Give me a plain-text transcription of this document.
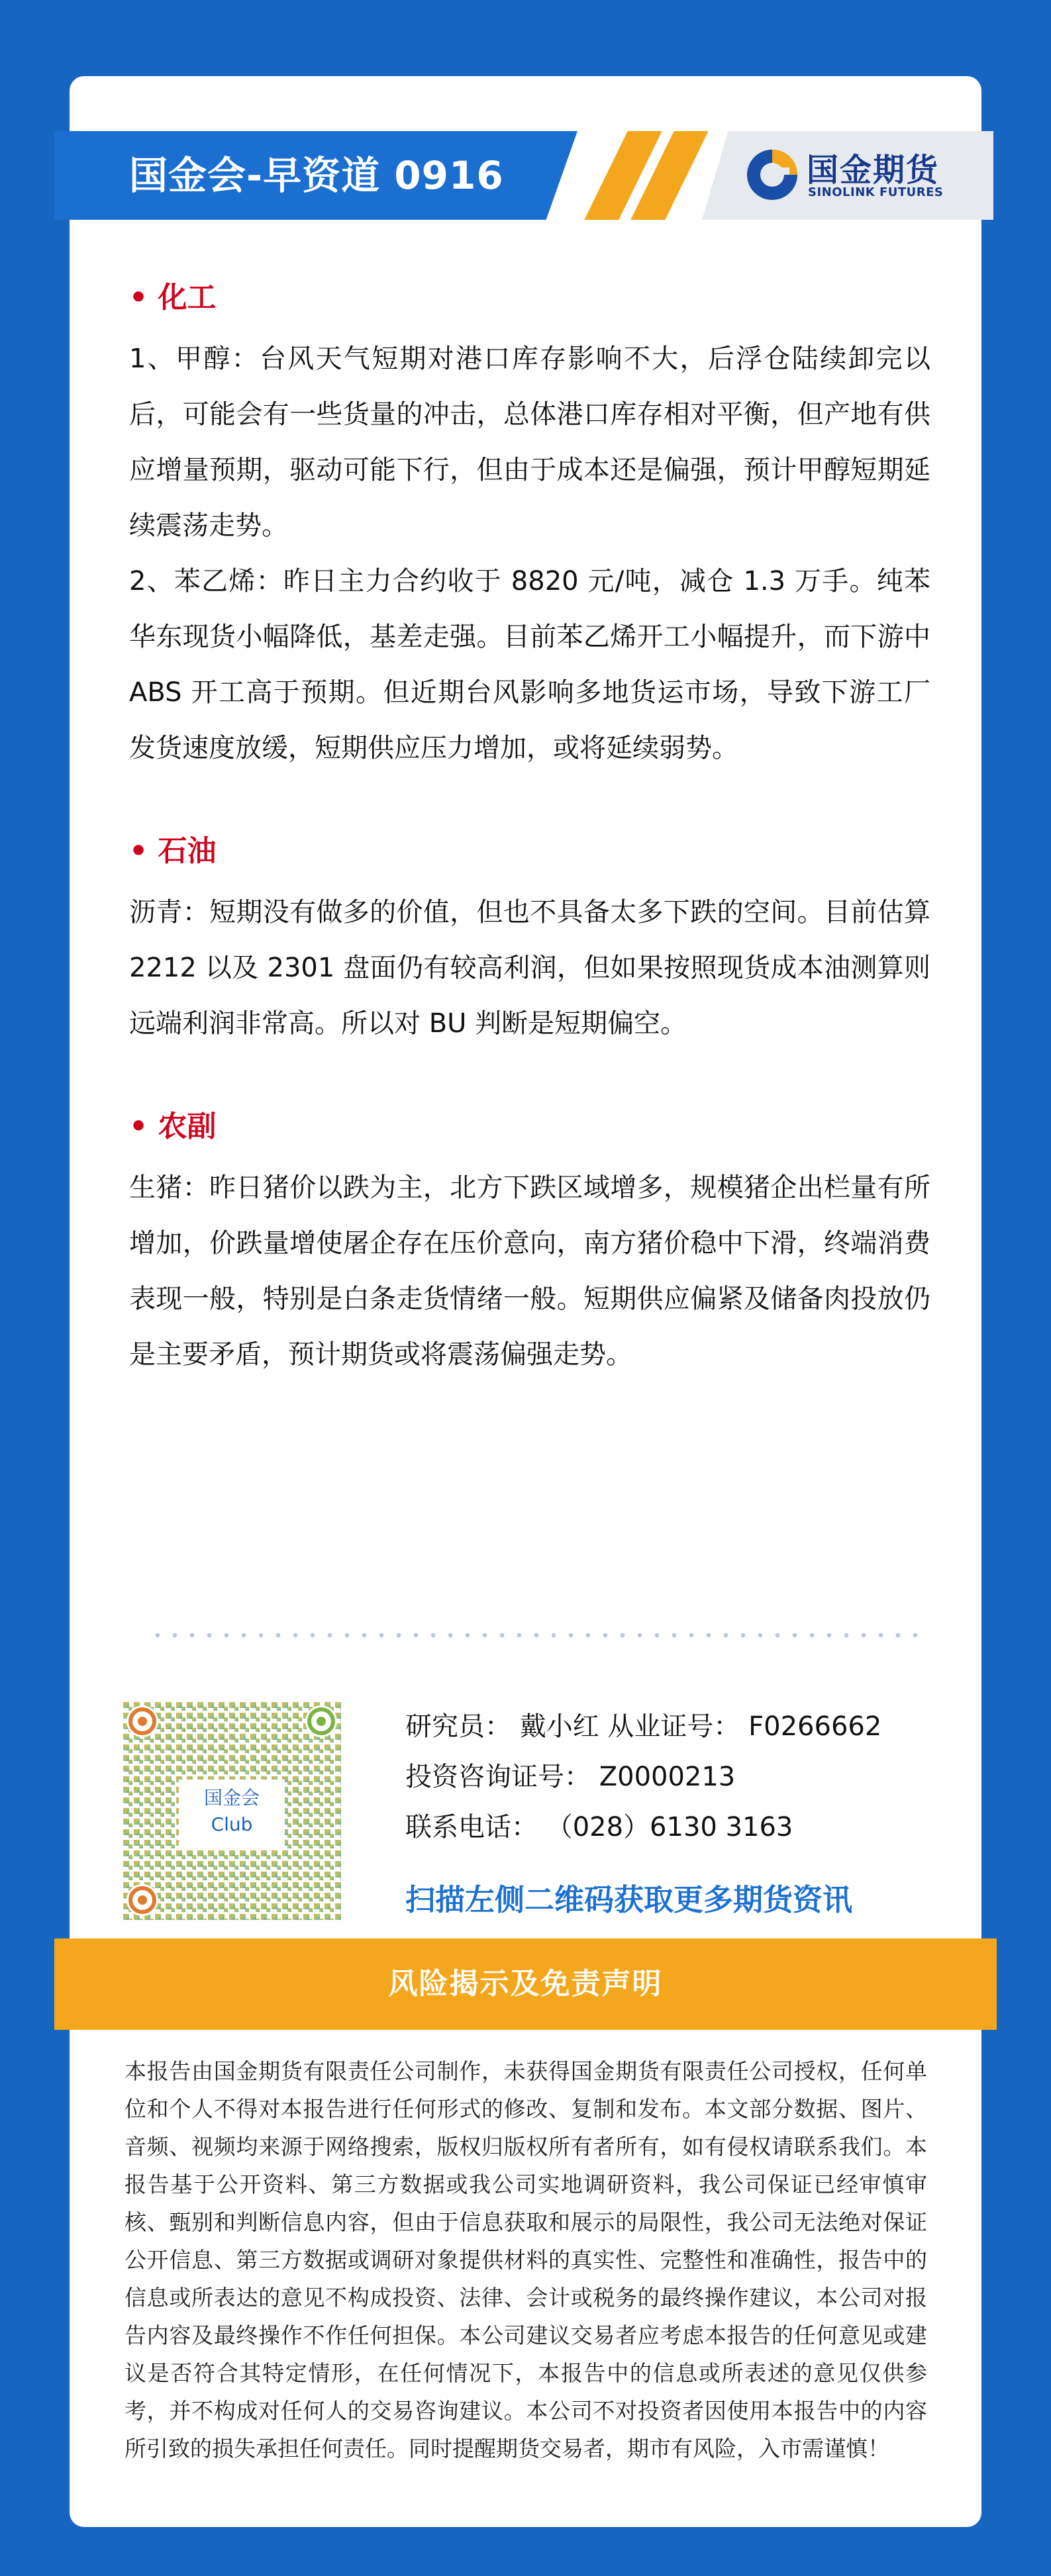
国金会-早资道 0916	国金期货
SINOLINK FUTURES
• 化工

1、甲醇：台风天气短期对港口库存影响不大，后浮仓陆续卸完以后，可能会有一些货量的冲击，总体港口库存相对平衡，但产地有供应增量预期，驱动可能下行，但由于成本还是偏强，预计甲醇短期延续震荡走势。

2、苯乙烯：昨日主力合约收于 8820 元/吨，减仓 1.3 万手。纯苯华东现货小幅降低，基差走强。目前苯乙烯开工小幅提升，而下游中 ABS 开工高于预期。但近期台风影响多地货运市场，导致下游工厂发货速度放缓，短期供应压力增加，或将延续弱势。

• 石油

沥青：短期没有做多的价值，但也不具备太多下跌的空间。目前估算 2212 以及 2301 盘面仍有较高利润，但如果按照现货成本油测算则远端利润非常高。所以对 BU 判断是短期偏空。

• 农副

生猪：昨日猪价以跌为主，北方下跌区域增多，规模猪企出栏量有所增加，价跌量增使屠企存在压价意向，南方猪价稳中下滑，终端消费表现一般，特别是白条走货情绪一般。短期供应偏紧及储备肉投放仍是主要矛盾，预计期货或将震荡偏强走势。

国金会
Club
研究员： 戴小红 从业证号： F0266662
投资咨询证号： Z0000213
联系电话： （028）6130 3163
扫描左侧二维码获取更多期货资讯
风险揭示及免责声明

本报告由国金期货有限责任公司制作，未获得国金期货有限责任公司授权，任何单位和个人不得对本报告进行任何形式的修改、复制和发布。本文部分数据、图片、音频、视频均来源于网络搜索，版权归版权所有者所有，如有侵权请联系我们。本报告基于公开资料、第三方数据或我公司实地调研资料，我公司保证已经审慎审核、甄别和判断信息内容，但由于信息获取和展示的局限性，我公司无法绝对保证公开信息、第三方数据或调研对象提供材料的真实性、完整性和准确性，报告中的信息或所表达的意见不构成投资、法律、会计或税务的最终操作建议，本公司对报告内容及最终操作不作任何担保。本公司建议交易者应考虑本报告的任何意见或建议是否符合其特定情形，在任何情况下，本报告中的信息或所表述的意见仅供参考，并不构成对任何人的交易咨询建议。本公司不对投资者因使用本报告中的内容所引致的损失承担任何责任。同时提醒期货交易者，期市有风险，入市需谨慎！
